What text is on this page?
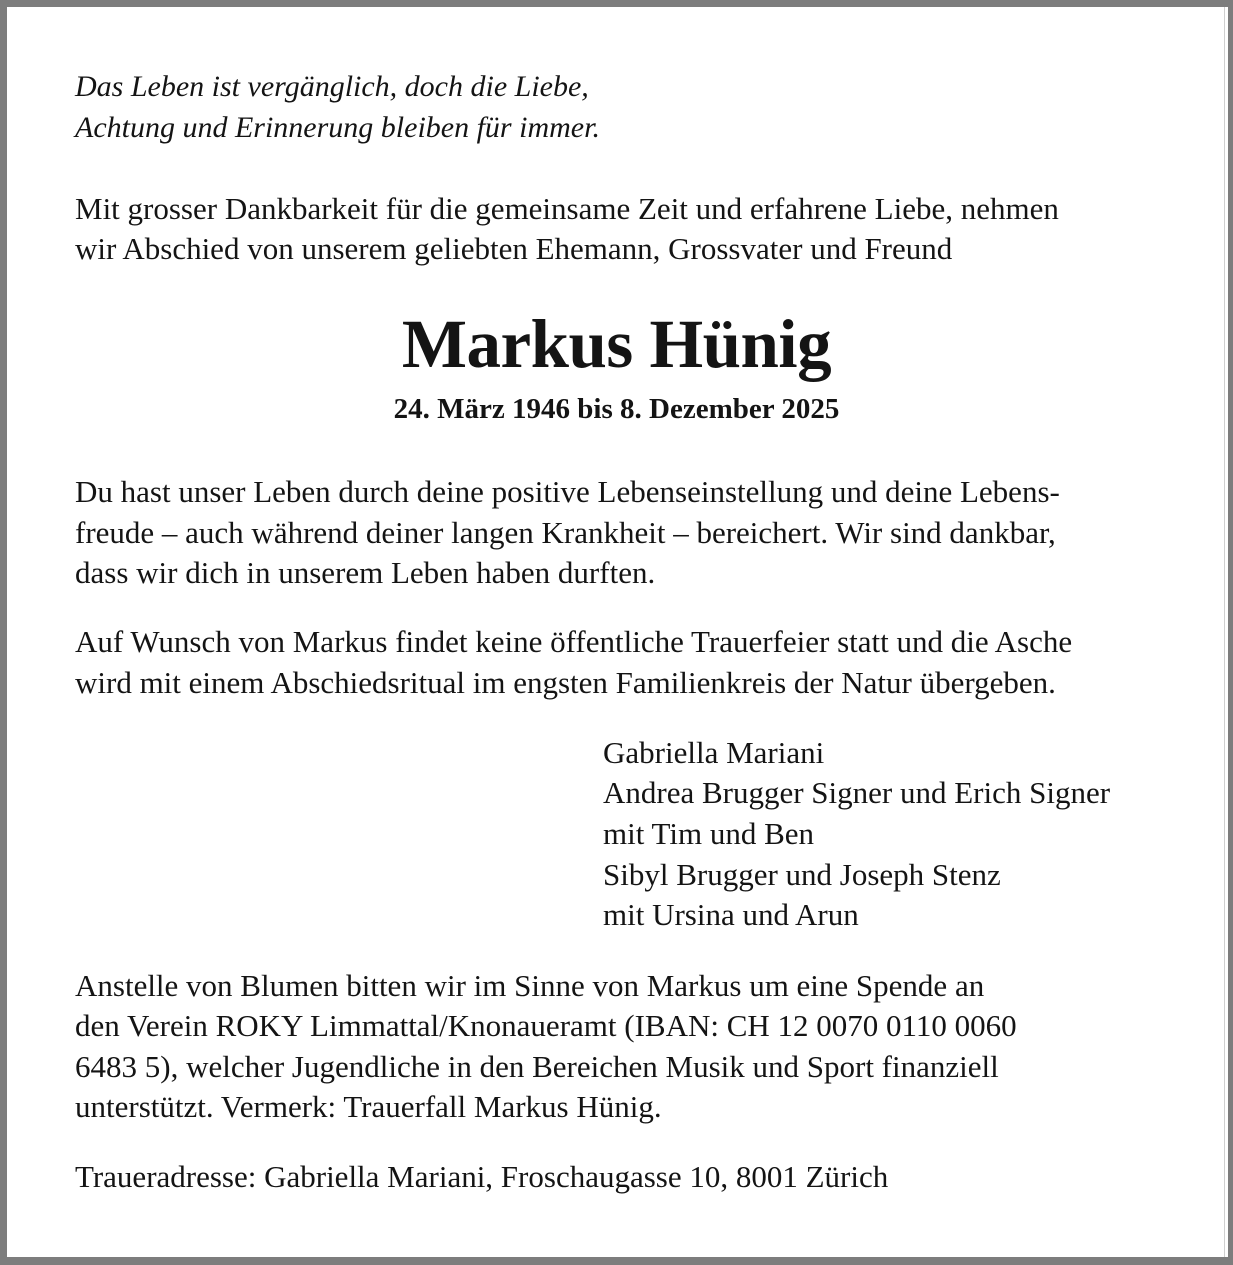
Das Leben ist vergänglich, doch die Liebe,
Achtung und Erinnerung bleiben für immer.
Mit grosser Dankbarkeit für die gemeinsame Zeit und erfahrene Liebe, nehmen
wir Abschied von unserem geliebten Ehemann, Grossvater und Freund
Markus Hünig
24. März 1946 bis 8. Dezember 2025
Du hast unser Leben durch deine positive Lebenseinstellung und deine Lebens-
freude – auch während deiner langen Krankheit – bereichert. Wir sind dankbar,
dass wir dich in unserem Leben haben durften.
Auf Wunsch von Markus findet keine öffentliche Trauerfeier statt und die Asche
wird mit einem Abschiedsritual im engsten Familienkreis der Natur übergeben.
Gabriella Mariani
Andrea Brugger Signer und Erich Signer
mit Tim und Ben
Sibyl Brugger und Joseph Stenz
mit Ursina und Arun
Anstelle von Blumen bitten wir im Sinne von Markus um eine Spende an
den Verein ROKY Limmattal/Knonaueramt (IBAN: CH 12 0070 0110 0060
6483 5), welcher Jugendliche in den Bereichen Musik und Sport finanziell
unterstützt. Vermerk: Trauerfall Markus Hünig.
Traueradresse: Gabriella Mariani, Froschaugasse 10, 8001 Zürich
